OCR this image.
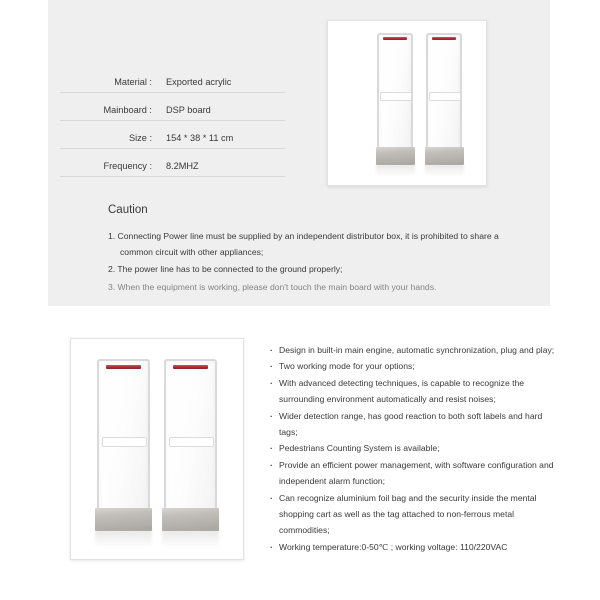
Material :	Exported acrylic
Mainboard :	DSP board
Size :	154 * 38 * 11 cm
Frequency :	8.2MHZ
Caution
1. Connecting Power line must be supplied by an independent distributor box, it is prohibited to share a common circuit with other appliances;
2. The power line has to be connected to the ground properly;
3. When the equipment is working, please don't touch the main board with your hands.
· Design in built-in main engine, automatic synchronization, plug and play;
· Two working mode for your options;
· With advanced detecting techniques, is capable to recognize the surrounding environment automatically and resist noises;
· Wider detection range, has good reaction to both soft labels and hard tags;
· Pedestrians Counting System is available;
· Provide an efficient power management, with software configuration and independent alarm function;
· Can recognize aluminium foil bag and the security inside the mental shopping cart as well as the tag attached to non-ferrous metal commodities;
· Working temperature:0-50℃ ; working voltage: 110/220VAC
